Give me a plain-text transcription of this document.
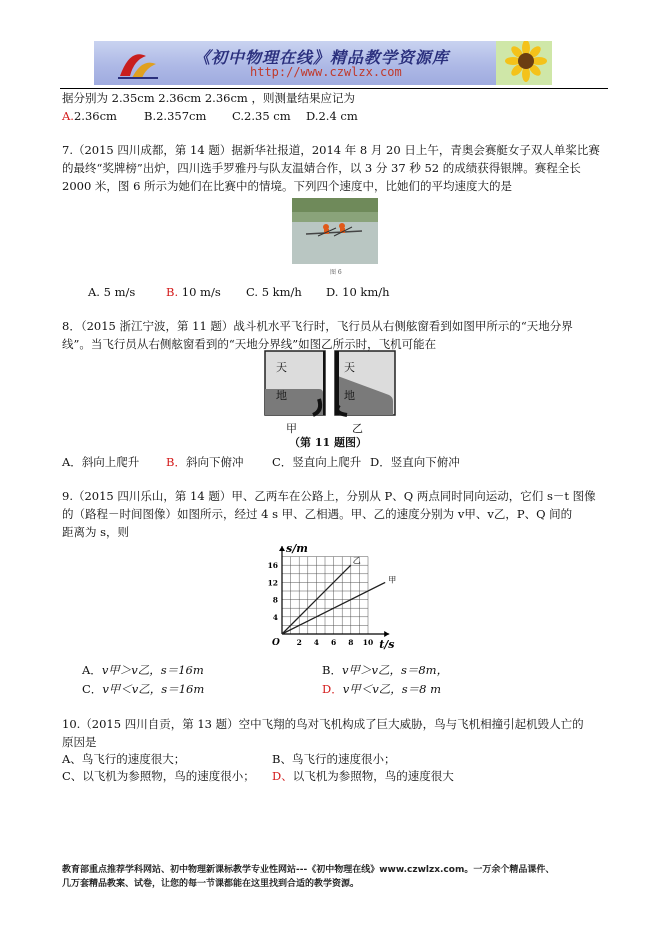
《初中物理在线》精品教学资源库
http://www.czwlzx.com
据分别为 2.35cm 2.36cm 2.36cm ，则测量结果应记为
A.2.36cm B.2.357cm C.2.35 cm D.2.4 cm
7.（2015 四川成都，第 14 题）据新华社报道，2014 年 8 月 20 日上午，青奥会赛艇女子双人单桨比赛
的最终“奖牌榜”出炉，四川选手罗雅丹与队友温婧合作，以 3 分 37 秒 52 的成绩获得银牌。赛程全长
2000 米，图 6 所示为她们在比赛中的情境。下列四个速度中，比她们的平均速度大的是
图 6
A. 5 m/s	B. 10 m/s C. 5 km/h D. 10 km/h
8．（2015 浙江宁波，第 11 题）战斗机水平飞行时，飞行员从右侧舷窗看到如图甲所示的“天地分界
线”。当飞行员从右侧舷窗看到的“天地分界线”如图乙所示时，飞机可能在
天
地
天
地
甲	乙
（第 11 题图）
A．斜向上爬升 B．斜向下俯冲 C．竖直向上爬升 D．竖直向下俯冲
9.（2015 四川乐山，第 14 题）甲、乙两车在公路上，分别从 P、Q 两点同时同向运动，它们 s－t 图像
的（路程－时间图像）如图所示，经过 4 s 甲、乙相遇。甲、乙的速度分别为 v甲、v乙，P、Q 间的
距离为 s，则
2 4 6 8 10
4
8
12
16
O	t/s
s/m
乙
甲
A．v甲＞v乙，s＝16m	B．v甲＞v乙，s＝8m，
C．v甲＜v乙，s＝16m	D．v甲＜v乙，s＝8 m
10.（2015 四川自贡，第 13 题）空中飞翔的鸟对飞机构成了巨大威胁，鸟与飞机相撞引起机毁人亡的
原因是
A、鸟飞行的速度很大；	B、鸟飞行的速度很小；
C、以飞机为参照物，鸟的速度很小； D、以飞机为参照物，鸟的速度很大
教育部重点推荐学科网站、初中物理新课标教学专业性网站---《初中物理在线》www.czwlzx.com。一万余个精品课件、
几万套精品教案、试卷，让您的每一节课都能在这里找到合适的教学资源。
